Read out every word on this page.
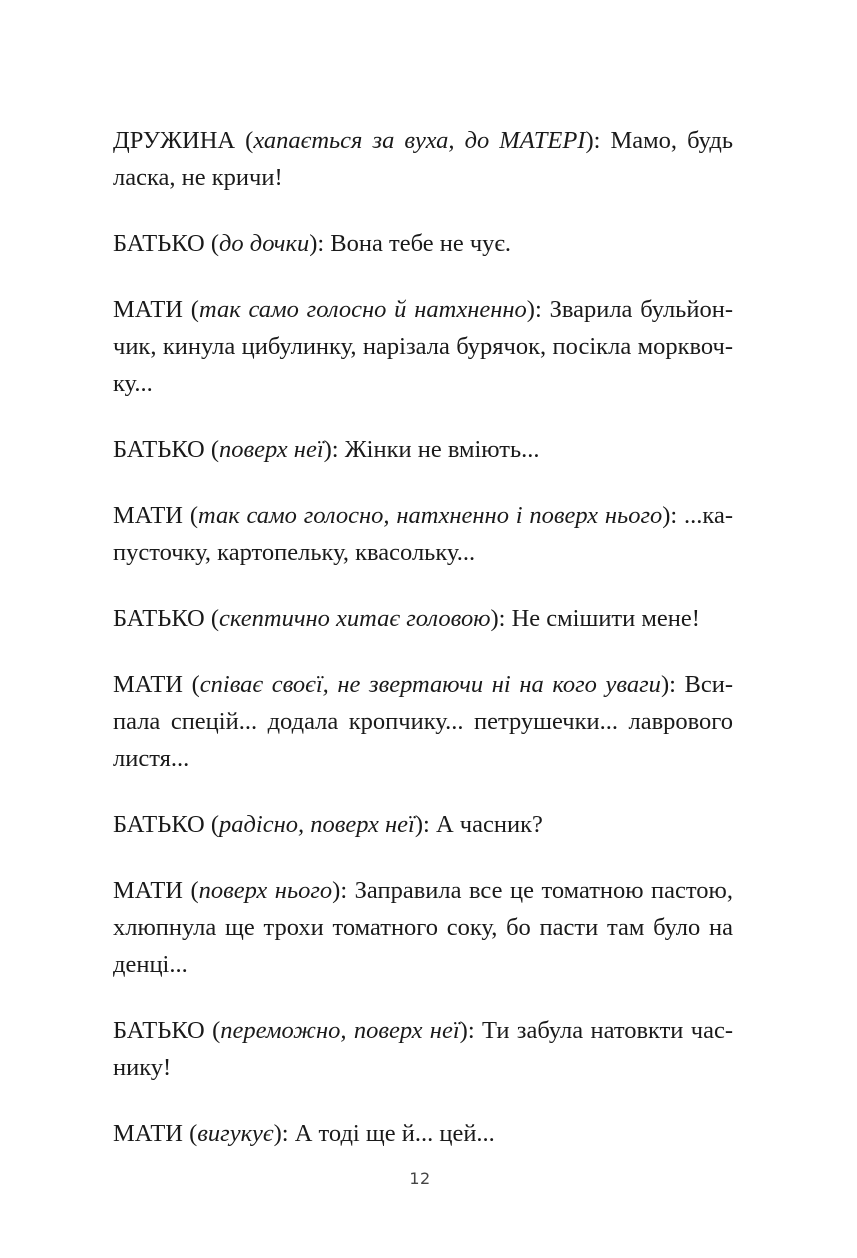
ДРУЖИНА (хапається за вуха, до МАТЕРІ): Мамо, будь
ласка, не кричи!
БАТЬКО (до дочки): Вона тебе не чує.
МАТИ (так само голосно й натхненно): Зварила бульйон-
чик, кинула цибулинку, нарізала бурячок, посікла морквоч-
ку...
БАТЬКО (поверх неї): Жінки не вміють...
МАТИ (так само голосно, натхненно і поверх нього): ...ка-
пусточку, картопельку, квасольку...
БАТЬКО (скептично хитає головою): Не смішити мене!
МАТИ (співає своєї, не звертаючи ні на кого уваги): Вси-
пала спецій... додала кропчику... петрушечки... лаврового
листя...
БАТЬКО (радісно, поверх неї): А часник?
МАТИ (поверх нього): Заправила все це томатною пастою,
хлюпнула ще трохи томатного соку, бо пасти там було на
денці...
БАТЬКО (переможно, поверх неї): Ти забула натовкти час-
нику!
МАТИ (вигукує): А тоді ще й... цей...
12
